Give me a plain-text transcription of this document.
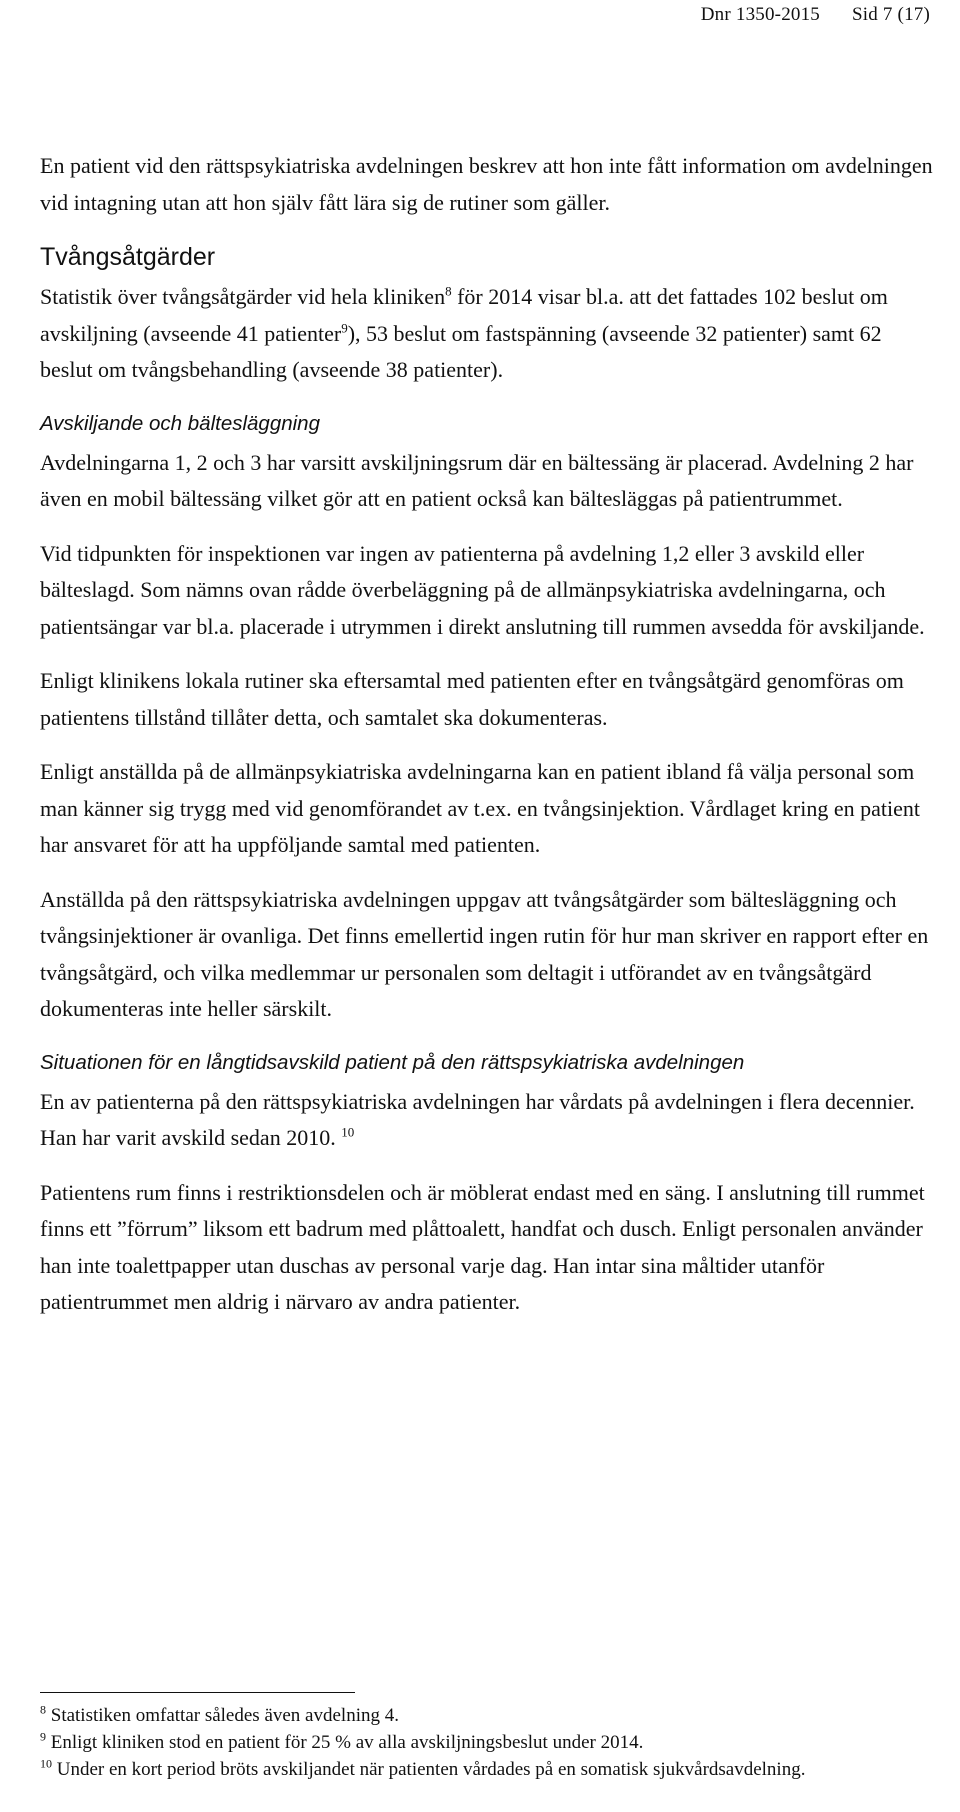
Dnr 1350-2015 Sid 7 (17)

En patient vid den rättspsykiatriska avdelningen beskrev att hon inte fått information om avdelningen vid intagning utan att hon själv fått lära sig de rutiner som gäller.

Tvångsåtgärder

Statistik över tvångsåtgärder vid hela kliniken$^8$ för 2014 visar bl.a. att det fattades 102 beslut om avskiljning (avseende 41 patienter$^9$), 53 beslut om fastspänning (avseende 32 patienter) samt 62 beslut om tvångsbehandling (avseende 38 patienter).

Avskiljande och bältesläggning

Avdelningarna 1, 2 och 3 har varsitt avskiljningsrum där en bältessäng är placerad. Avdelning 2 har även en mobil bältessäng vilket gör att en patient också kan bältesläggas på patientrummet.

Vid tidpunkten för inspektionen var ingen av patienterna på avdelning 1,2 eller 3 avskild eller bälteslagd. Som nämns ovan rådde överbeläggning på de allmänpsykiatriska avdelningarna, och patientsängar var bl.a. placerade i utrymmen i direkt anslutning till rummen avsedda för avskiljande.

Enligt klinikens lokala rutiner ska eftersamtal med patienten efter en tvångsåtgärd genomföras om patientens tillstånd tillåter detta, och samtalet ska dokumenteras.

Enligt anställda på de allmänpsykiatriska avdelningarna kan en patient ibland få välja personal som man känner sig trygg med vid genomförandet av t.ex. en tvångsinjektion. Vårdlaget kring en patient har ansvaret för att ha uppföljande samtal med patienten.

Anställda på den rättspsykiatriska avdelningen uppgav att tvångsåtgärder som bältesläggning och tvångsinjektioner är ovanliga. Det finns emellertid ingen rutin för hur man skriver en rapport efter en tvångsåtgärd, och vilka medlemmar ur personalen som deltagit i utförandet av en tvångsåtgärd dokumenteras inte heller särskilt.

Situationen för en långtidsavskild patient på den rättspsykiatriska avdelningen

En av patienterna på den rättspsykiatriska avdelningen har vårdats på avdelningen i flera decennier. Han har varit avskild sedan 2010. $^{10}$

Patientens rum finns i restriktionsdelen och är möblerat endast med en säng. I anslutning till rummet finns ett ”förrum” liksom ett badrum med plåttoalett, handfat och dusch. Enligt personalen använder han inte toalettpapper utan duschas av personal varje dag. Han intar sina måltider utanför patientrummet men aldrig i närvaro av andra patienter.

$^8$ Statistiken omfattar således även avdelning 4.

$^9$ Enligt kliniken stod en patient för 25 % av alla avskiljningsbeslut under 2014.

$^{10}$ Under en kort period bröts avskiljandet när patienten vårdades på en somatisk sjukvårdsavdelning.
